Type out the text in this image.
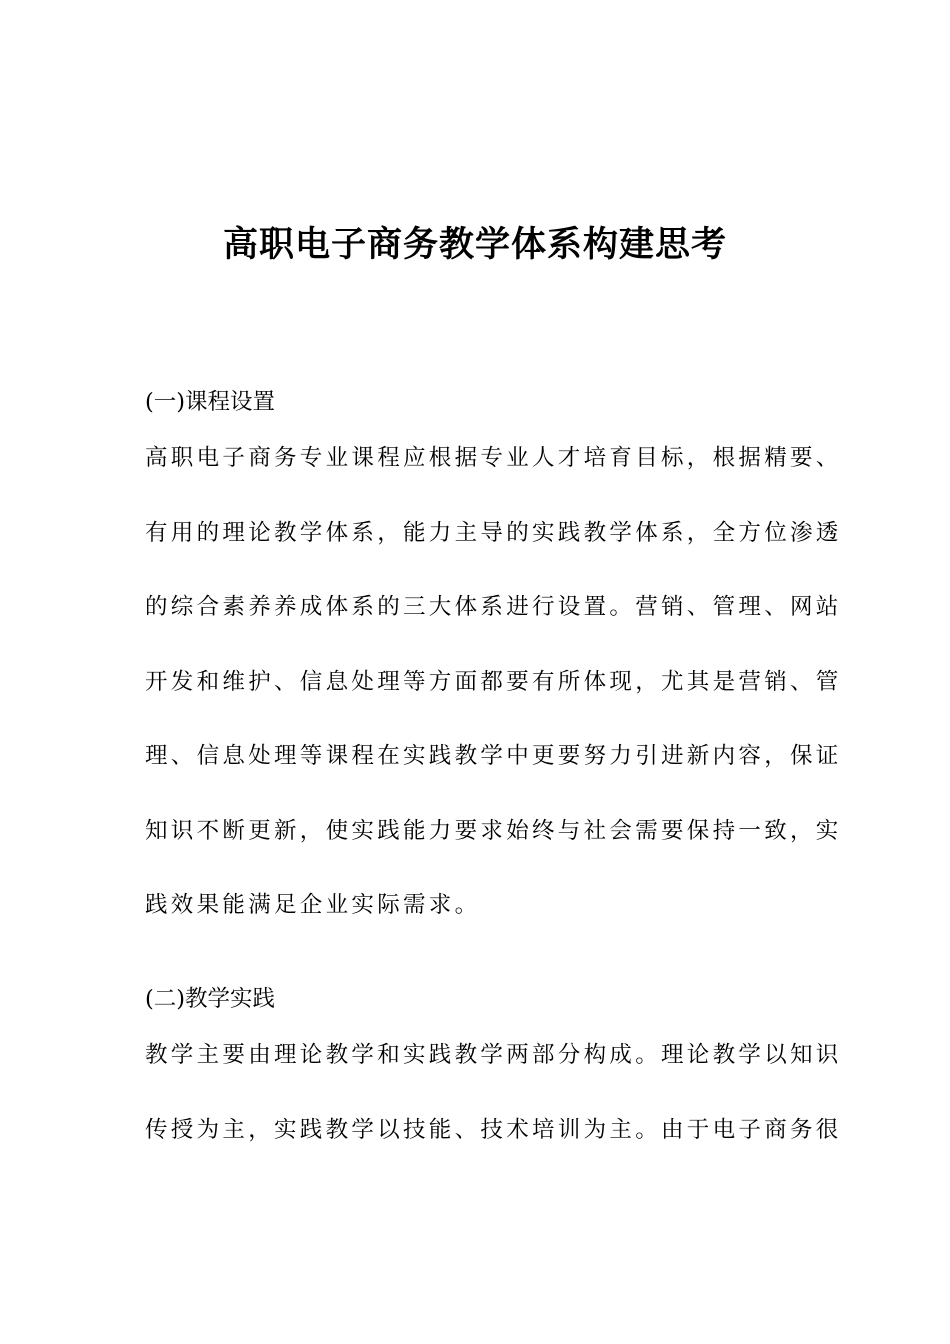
高职电子商务教学体系构建思考
(一)课程设置
高职电子商务专业课程应根据专业人才培育目标，根据精要、
有用的理论教学体系，能力主导的实践教学体系，全方位渗透
的综合素养养成体系的三大体系进行设置。营销、管理、网站
开发和维护、信息处理等方面都要有所体现，尤其是营销、管
理、信息处理等课程在实践教学中更要努力引进新内容，保证
知识不断更新，使实践能力要求始终与社会需要保持一致，实
践效果能满足企业实际需求。
(二)教学实践
教学主要由理论教学和实践教学两部分构成。理论教学以知识
传授为主，实践教学以技能、技术培训为主。由于电子商务很
